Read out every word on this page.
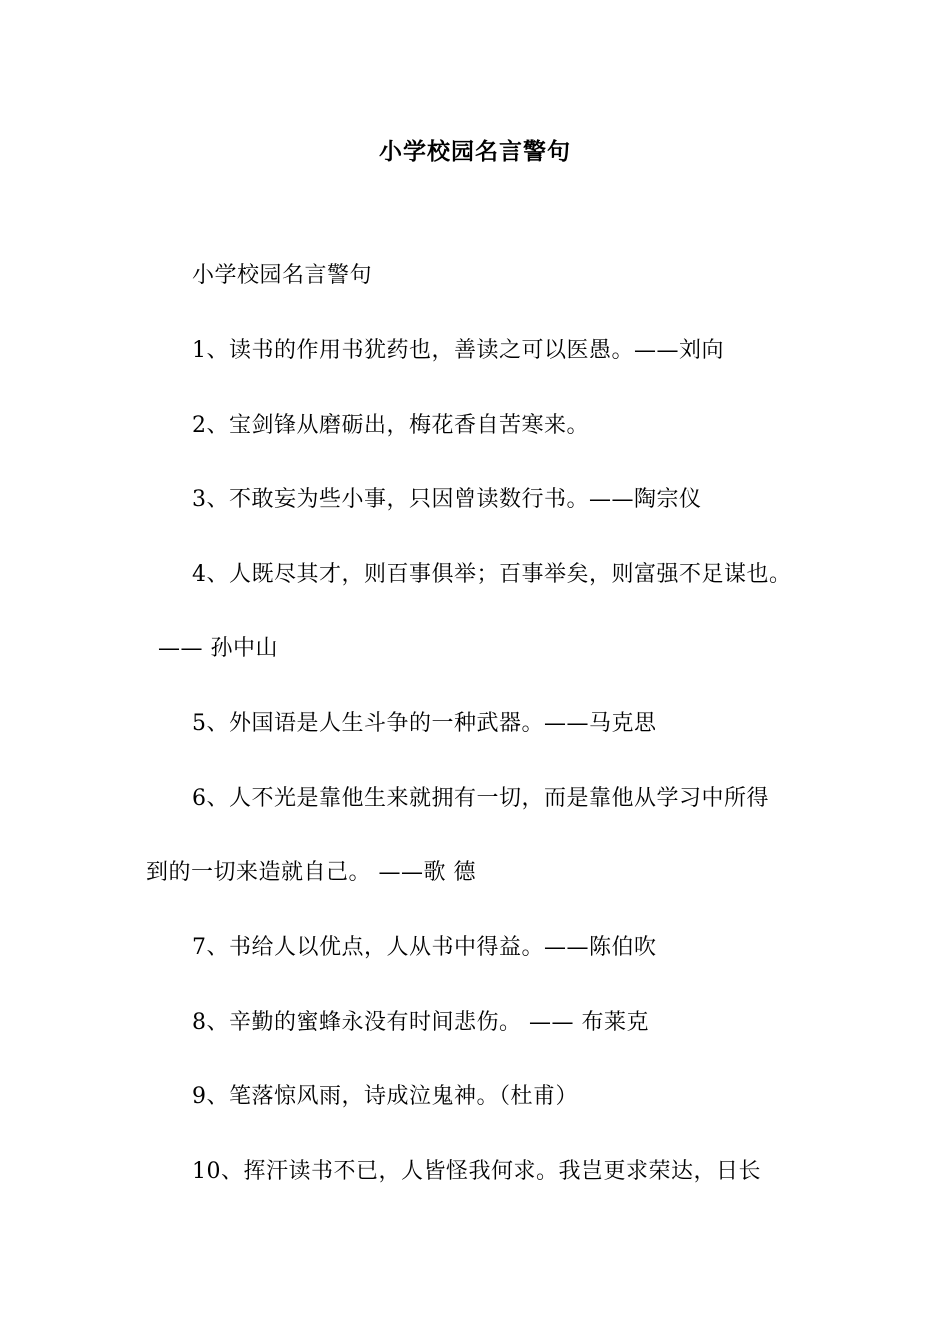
小学校园名言警句
小学校园名言警句
1、读书的作用书犹药也，善读之可以医愚。——刘向
2、宝剑锋从磨砺出，梅花香自苦寒来。
3、不敢妄为些小事，只因曾读数行书。——陶宗仪
4、人既尽其才，则百事俱举；百事举矣，则富强不足谋也。
—— 孙中山
5、外国语是人生斗争的一种武器。——马克思
6、人不光是靠他生来就拥有一切，而是靠他从学习中所得
到的一切来造就自己。 ——歌 德
7、书给人以优点，人从书中得益。——陈伯吹
8、辛勤的蜜蜂永没有时间悲伤。 —— 布莱克
9、笔落惊风雨，诗成泣鬼神。（杜甫）
10、挥汗读书不已，人皆怪我何求。我岂更求荣达，日长
